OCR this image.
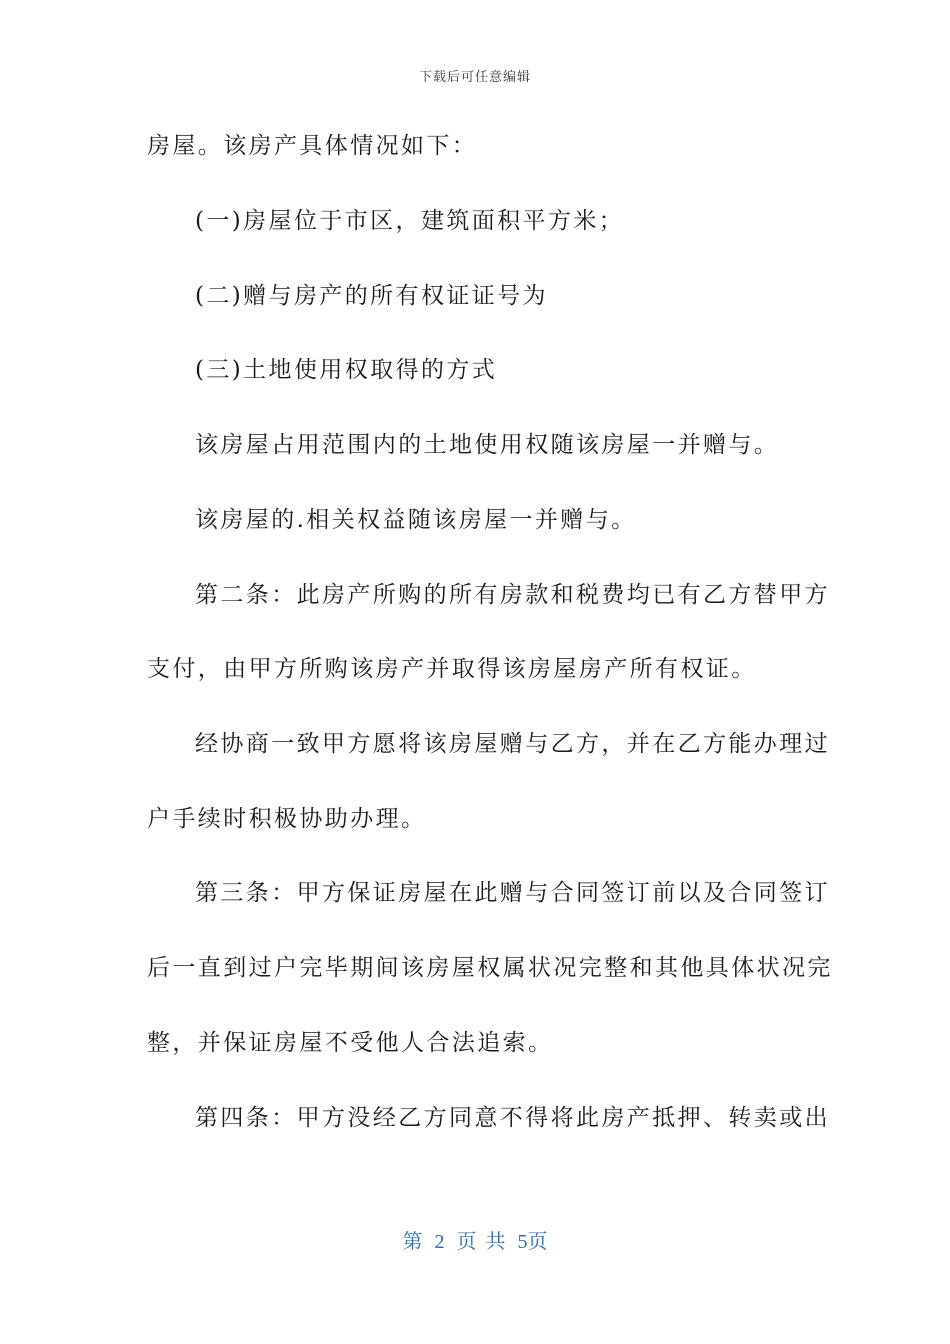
下载后可任意编辑
房屋。该房产具体情况如下：
(一)房屋位于市区，建筑面积平方米；
(二)赠与房产的所有权证证号为
(三)土地使用权取得的方式
该房屋占用范围内的土地使用权随该房屋一并赠与。
该房屋的.相关权益随该房屋一并赠与。
第二条：此房产所购的所有房款和税费均已有乙方替甲方
支付，由甲方所购该房产并取得该房屋房产所有权证。
经协商一致甲方愿将该房屋赠与乙方，并在乙方能办理过
户手续时积极协助办理。
第三条：甲方保证房屋在此赠与合同签订前以及合同签订
后一直到过户完毕期间该房屋权属状况完整和其他具体状况完
整，并保证房屋不受他人合法追索。
第四条：甲方没经乙方同意不得将此房产抵押、转卖或出
第 2 页 共 5页
